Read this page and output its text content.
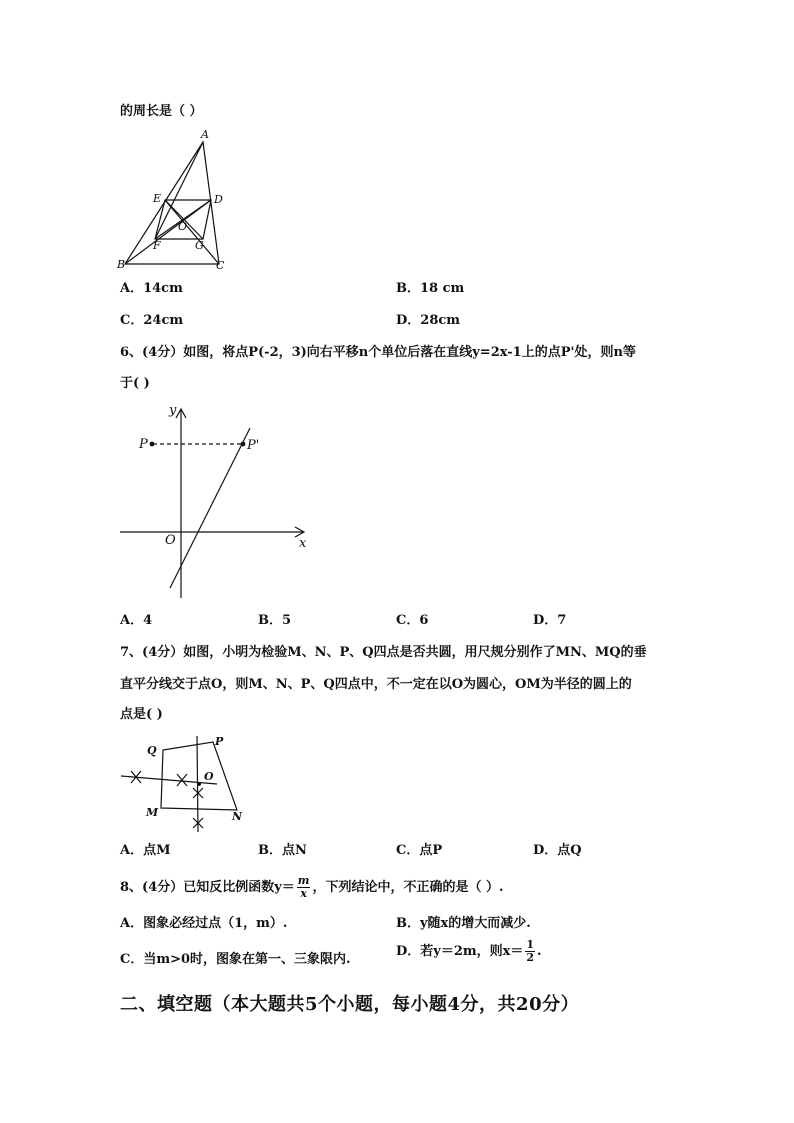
的周长是（ ）
A
B	C
D
E
F	G
O
A．14cm	B．18 cm
C．24cm	D．28cm
6、(4分）如图，将点P(-2，3)向右平移n个单位后落在直线y=2x-1上的点P'处，则n等
于( )
y
x
O
P	P'
A．4	B．5	C．6	D．7
7、(4分）如图，小明为检验M、N、P、Q四点是否共圆，用尺规分别作了MN、MQ的垂
直平分线交于点O，则M、N、P、Q四点中，不一定在以O为圆心，OM为半径的圆上的
点是( )
Q
P
O
M	N
A．点M	B．点N	C．点P	D．点Q
8、(4分）已知反比例函数$y= \frac{m}{x}$ ，下列结论中，不正确的是（ ）.
A．图象必经过点（1，m）.	B．y随x的增大而减少.
C．当m>0时，图象在第一、三象限内.
D．若y＝2m，则$x= \frac{1}{2}$ .
二、填空题（本大题共5个小题，每小题4分，共20分）
